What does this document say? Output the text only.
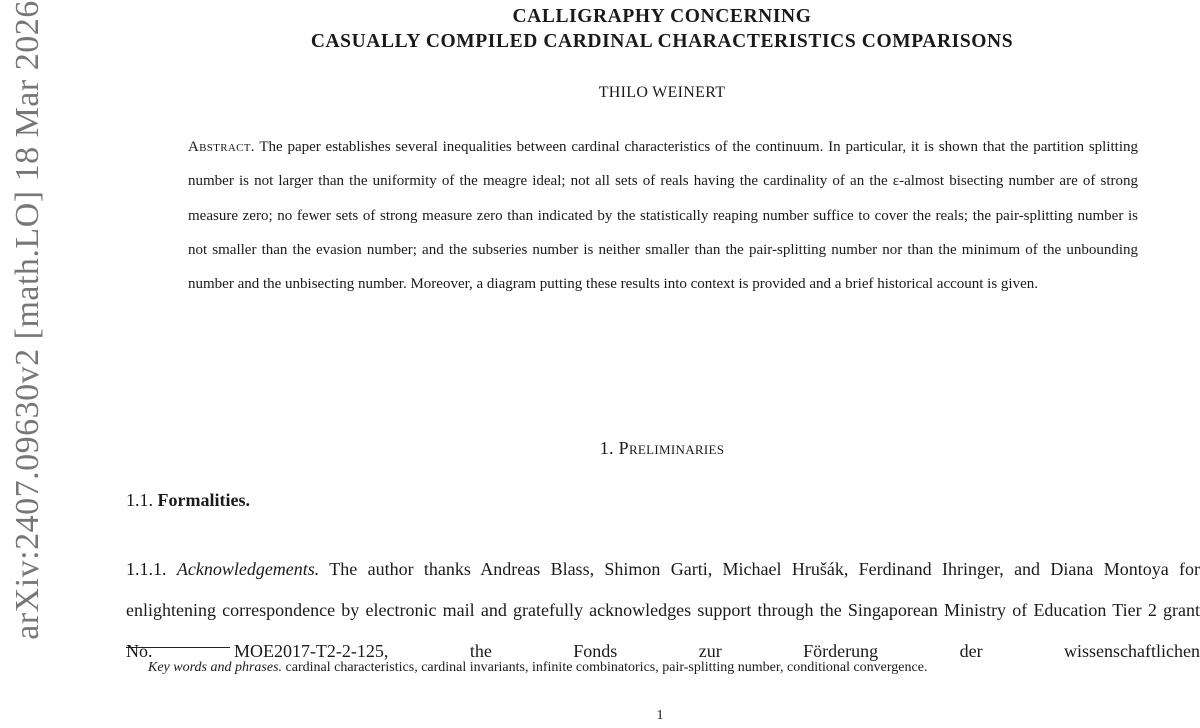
arXiv:2407.09630v2 [math.LO] 18 Mar 2026	CALLIGRAPHY CONCERNING
CASUALLY COMPILED CARDINAL CHARACTERISTICS COMPARISONS
THILO WEINERT
Abstract. The paper establishes several inequalities between cardinal characteristics of the continuum. In particular, it is shown that the partition splitting number is not larger than the uniformity of the meagre ideal; not all sets of reals having the cardinality of an the ε-almost bisecting number are of strong measure zero; no fewer sets of strong measure zero than indicated by the statistically reaping number suffice to cover the reals; the pair-splitting number is not smaller than the evasion number; and the subseries number is neither smaller than the pair-splitting number nor than the minimum of the unbounding number and the unbisecting number. Moreover, a diagram putting these results into context is provided and a brief historical account is given.
1. Preliminaries
1.1. Formalities.
1.1.1. Acknowledgements. The author thanks Andreas Blass, Shimon Garti, Michael Hrušák, Ferdinand Ihringer, and Diana Montoya for enlightening correspondence by electronic mail and gratefully acknowledges support through the Singaporean Ministry of Education Tier 2 grant No. MOE2017-T2-2-125, the Fonds zur Förderung der wissenschaftlichen
Key words and phrases. cardinal characteristics, cardinal invariants, infinite combinatorics, pair-splitting number, conditional convergence.
1
